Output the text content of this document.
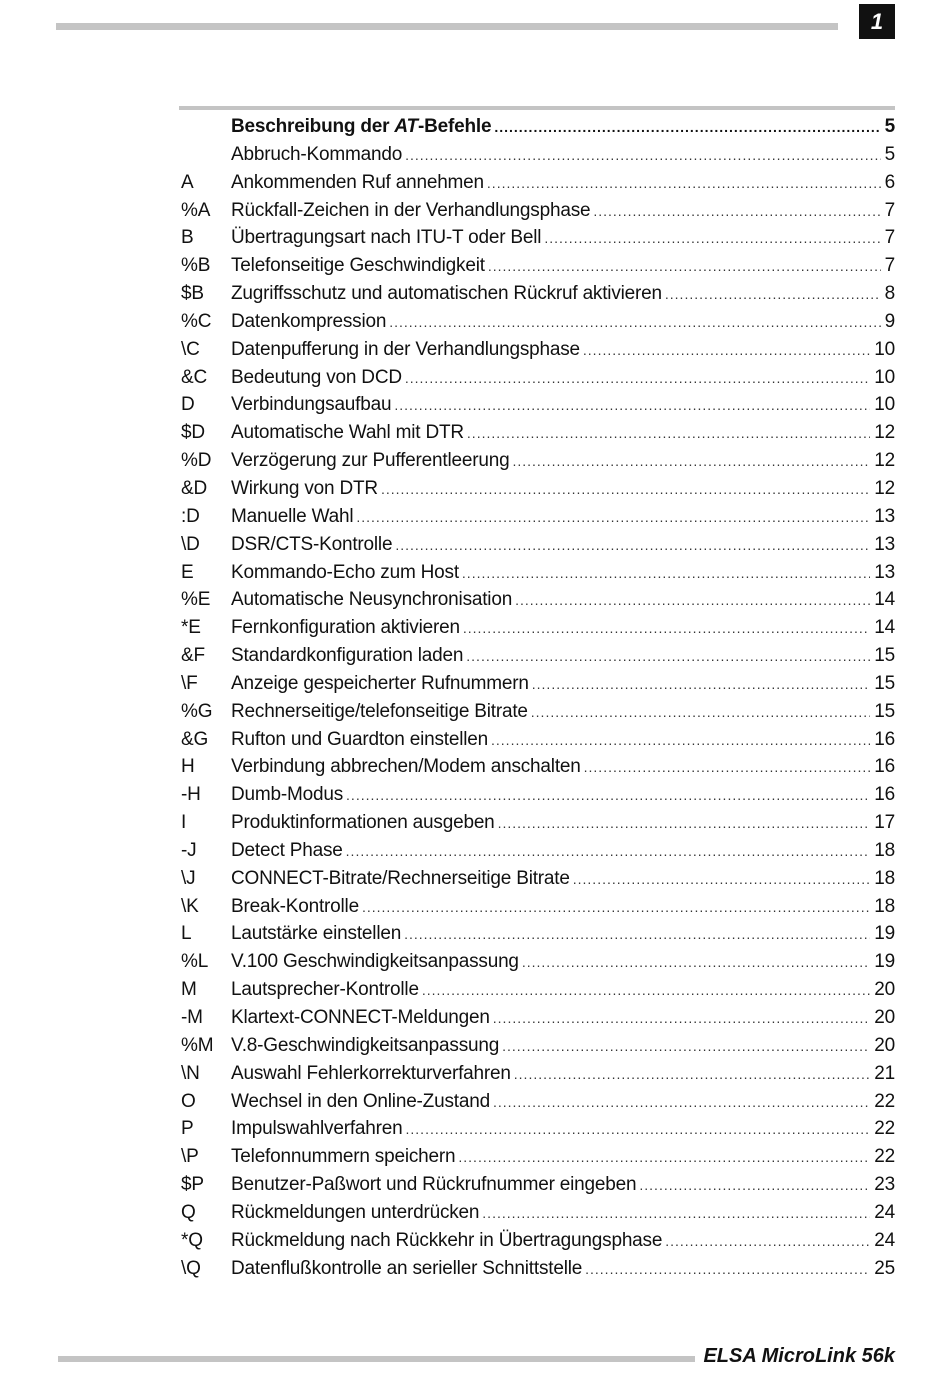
1
Beschreibung der AT-Befehle .....	5
Abbruch-Kommando .....	5
A	Ankommenden Ruf annehmen .....	6
%A	Rückfall-Zeichen in der Verhandlungsphase .....	7
B	Übertragungsart nach ITU-T oder Bell .....	7
%B	Telefonseitige Geschwindigkeit .....	7
$B	Zugriffsschutz und automatischen Rückruf aktivieren .....	8
%C	Datenkompression .....	9
\C	Datenpufferung in der Verhandlungsphase .....	10
&C	Bedeutung von DCD .....	10
D	Verbindungsaufbau .....	10
$D	Automatische Wahl mit DTR .....	12
%D	Verzögerung zur Pufferentleerung .....	12
&D	Wirkung von DTR .....	12
:D	Manuelle Wahl .....	13
\D	DSR/CTS-Kontrolle .....	13
E	Kommando-Echo zum Host .....	13
%E	Automatische Neusynchronisation .....	14
*E	Fernkonfiguration aktivieren .....	14
&F	Standardkonfiguration laden .....	15
\F	Anzeige gespeicherter Rufnummern .....	15
%G Rechnerseitige/telefonseitige Bitrate .....	15
&G	Rufton und Guardton einstellen .....	16
H	Verbindung abbrechen/Modem anschalten .....	16
-H	Dumb-Modus .....	16
I	Produktinformationen ausgeben .....	17
-J	Detect Phase .....	18
\J	CONNECT-Bitrate/Rechnerseitige Bitrate .....	18
\K	Break-Kontrolle .....	18
L	Lautstärke einstellen .....	19
%L	V.100 Geschwindigkeitsanpassung .....	19
M	Lautsprecher-Kontrolle .....	20
-M	Klartext-CONNECT-Meldungen .....	20
%M V.8-Geschwindigkeitsanpassung .....	20
\N	Auswahl Fehlerkorrekturverfahren .....	21
O	Wechsel in den Online-Zustand .....	22
P	Impulswahlverfahren .....	22
\P	Telefonnummern speichern .....	22
$P	Benutzer-Paßwort und Rückrufnummer eingeben .....	23
Q	Rückmeldungen unterdrücken .....	24
*Q	Rückmeldung nach Rückkehr in Übertragungsphase .....	24
\Q	Datenflußkontrolle an serieller Schnittstelle .....	25
ELSA MicroLink 56k
